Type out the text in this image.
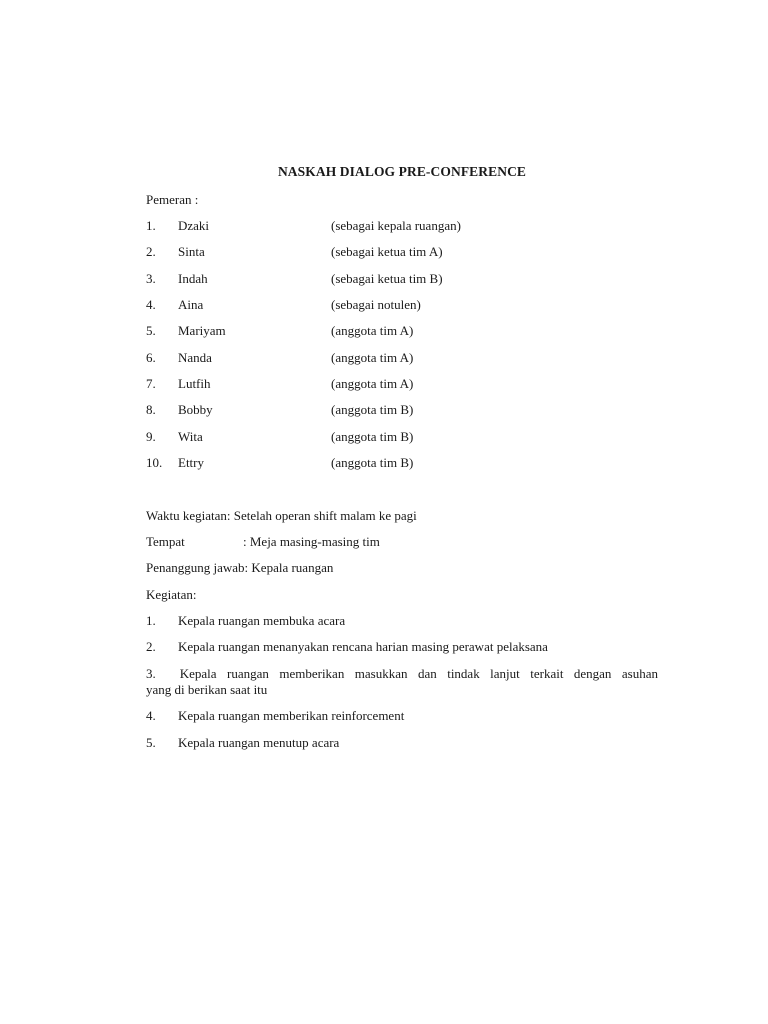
NASKAH DIALOG PRE-CONFERENCE
Pemeran :
1. Dzaki	(sebagai kepala ruangan)
2. Sinta	(sebagai ketua tim A)
3. Indah	(sebagai ketua tim B)
4. Aina	(sebagai notulen)
5. Mariyam	(anggota tim A)
6. Nanda	(anggota tim A)
7. Lutfih	(anggota tim A)
8. Bobby	(anggota tim B)
9. Wita	(anggota tim B)
10. Ettry	(anggota tim B)
Waktu kegiatan: Setelah operan shift malam ke pagi
Tempat	: Meja masing-masing tim
Penanggung jawab: Kepala ruangan
Kegiatan:
1. Kepala ruangan membuka acara
2. Kepala ruangan menanyakan rencana harian masing perawat pelaksana
3. Kepala ruangan memberikan masukkan dan tindak lanjut terkait dengan asuhan
yang di berikan saat itu
4. Kepala ruangan memberikan reinforcement
5. Kepala ruangan menutup acara
